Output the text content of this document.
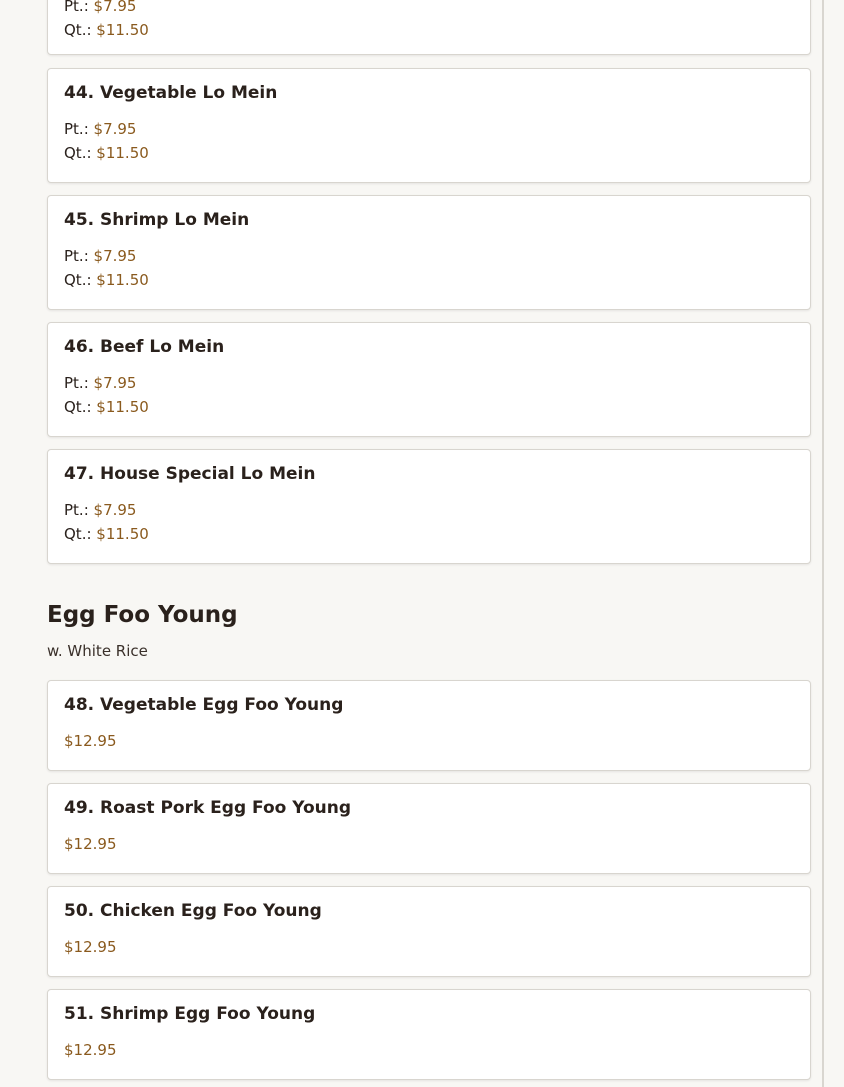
Pt.: $7.95
Qt.: $11.50
44. Vegetable Lo Mein
Pt.: $7.95
Qt.: $11.50
45. Shrimp Lo Mein
Pt.: $7.95
Qt.: $11.50
46. Beef Lo Mein
Pt.: $7.95
Qt.: $11.50
47. House Special Lo Mein
Pt.: $7.95
Qt.: $11.50
Egg Foo Young
w. White Rice
48. Vegetable Egg Foo Young
$12.95
49. Roast Pork Egg Foo Young
$12.95
50. Chicken Egg Foo Young
$12.95
51. Shrimp Egg Foo Young
$12.95
